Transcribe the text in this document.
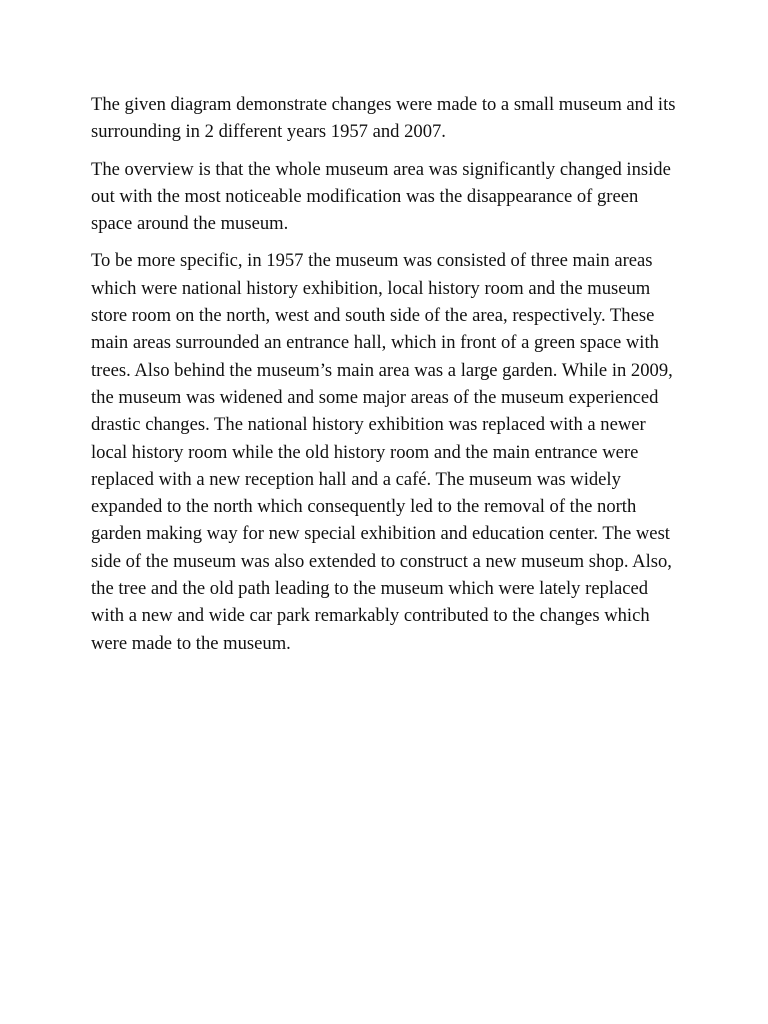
The given diagram demonstrate changes were made to a small museum and its surrounding in 2 different years 1957 and 2007.

The overview is that the whole museum area was significantly changed inside out with the most noticeable modification was the disappearance of green space around the museum.

To be more specific, in 1957 the museum was consisted of three main areas which were national history exhibition, local history room and the museum store room on the north, west and south side of the area, respectively. These main areas surrounded an entrance hall, which in front of a green space with trees. Also behind the museum’s main area was a large garden. While in 2009, the museum was widened and some major areas of the museum experienced drastic changes. The national history exhibition was replaced with a newer local history room while the old history room and the main entrance were replaced with a new reception hall and a café. The museum was widely expanded to the north which consequently led to the removal of the north garden making way for new special exhibition and education center. The west side of the museum was also extended to construct a new museum shop. Also, the tree and the old path leading to the museum which were lately replaced with a new and wide car park remarkably contributed to the changes which were made to the museum.
